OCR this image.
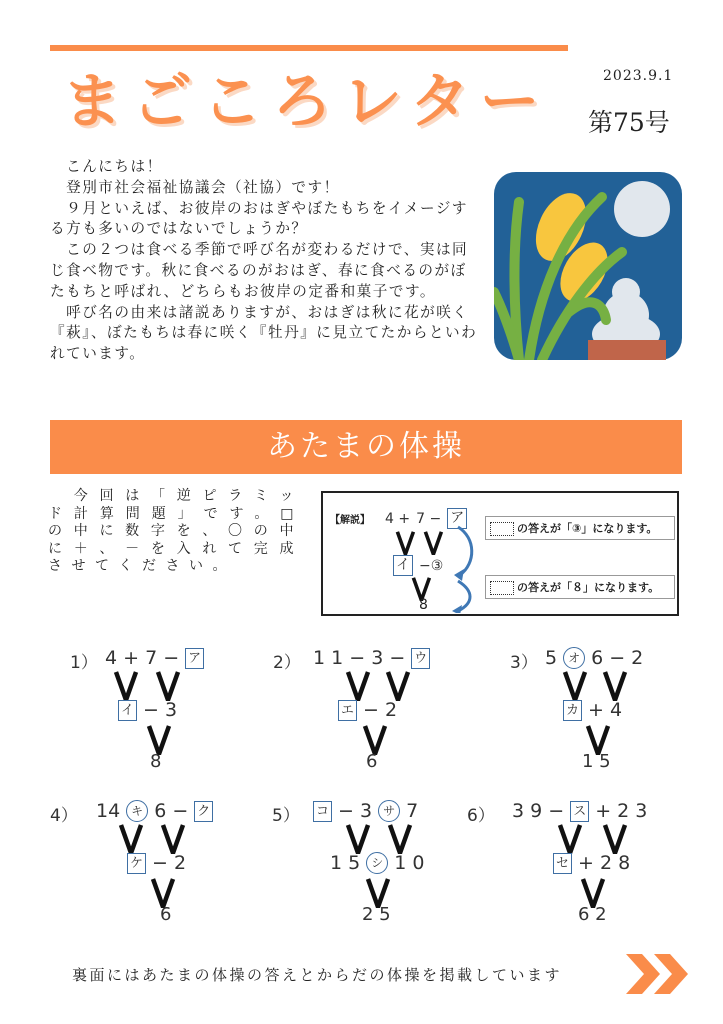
まごころレター	2023.9.1
第75号

　こんにちは！

　登別市社会福祉協議会（社協）です！

　９月といえば、お彼岸のおはぎやぼたもちをイメージする方も多いのではないでしょうか？

　この２つは食べる季節で呼び名が変わるだけで、実は同じ食べ物です。秋に食べるのがおはぎ、春に食べるのがぼたもちと呼ばれ、どちらもお彼岸の定番和菓子です。

　呼び名の由来は諸説ありますが、おはぎは秋に花が咲く『萩』、ぼたもちは春に咲く『牡丹』に見立てたからといわれています。

あたまの体操
　今回は「逆ピラミッド計算問題」です。□の中に数字を、〇の中に＋、－を入れて完成させてください。
【解説】 4 + 7 − ア
イ −③
8
の答えが「③」になります。
の答えが「８」になります。
1） 4 + 7 − ア
イ − 3
8
2） 1 1 − 3 − ウ
エ − 2
6
3） 5 オ 6 − 2
カ + 4
1 5
4） 14 キ 6 − ク
ケ − 2
6
5） コ − 3 サ 7
1 5 シ 1 0
2 5
6） 3 9 − ス + 2 3
セ + 2 8
6 2
裏面にはあたまの体操の答えとからだの体操を掲載しています
